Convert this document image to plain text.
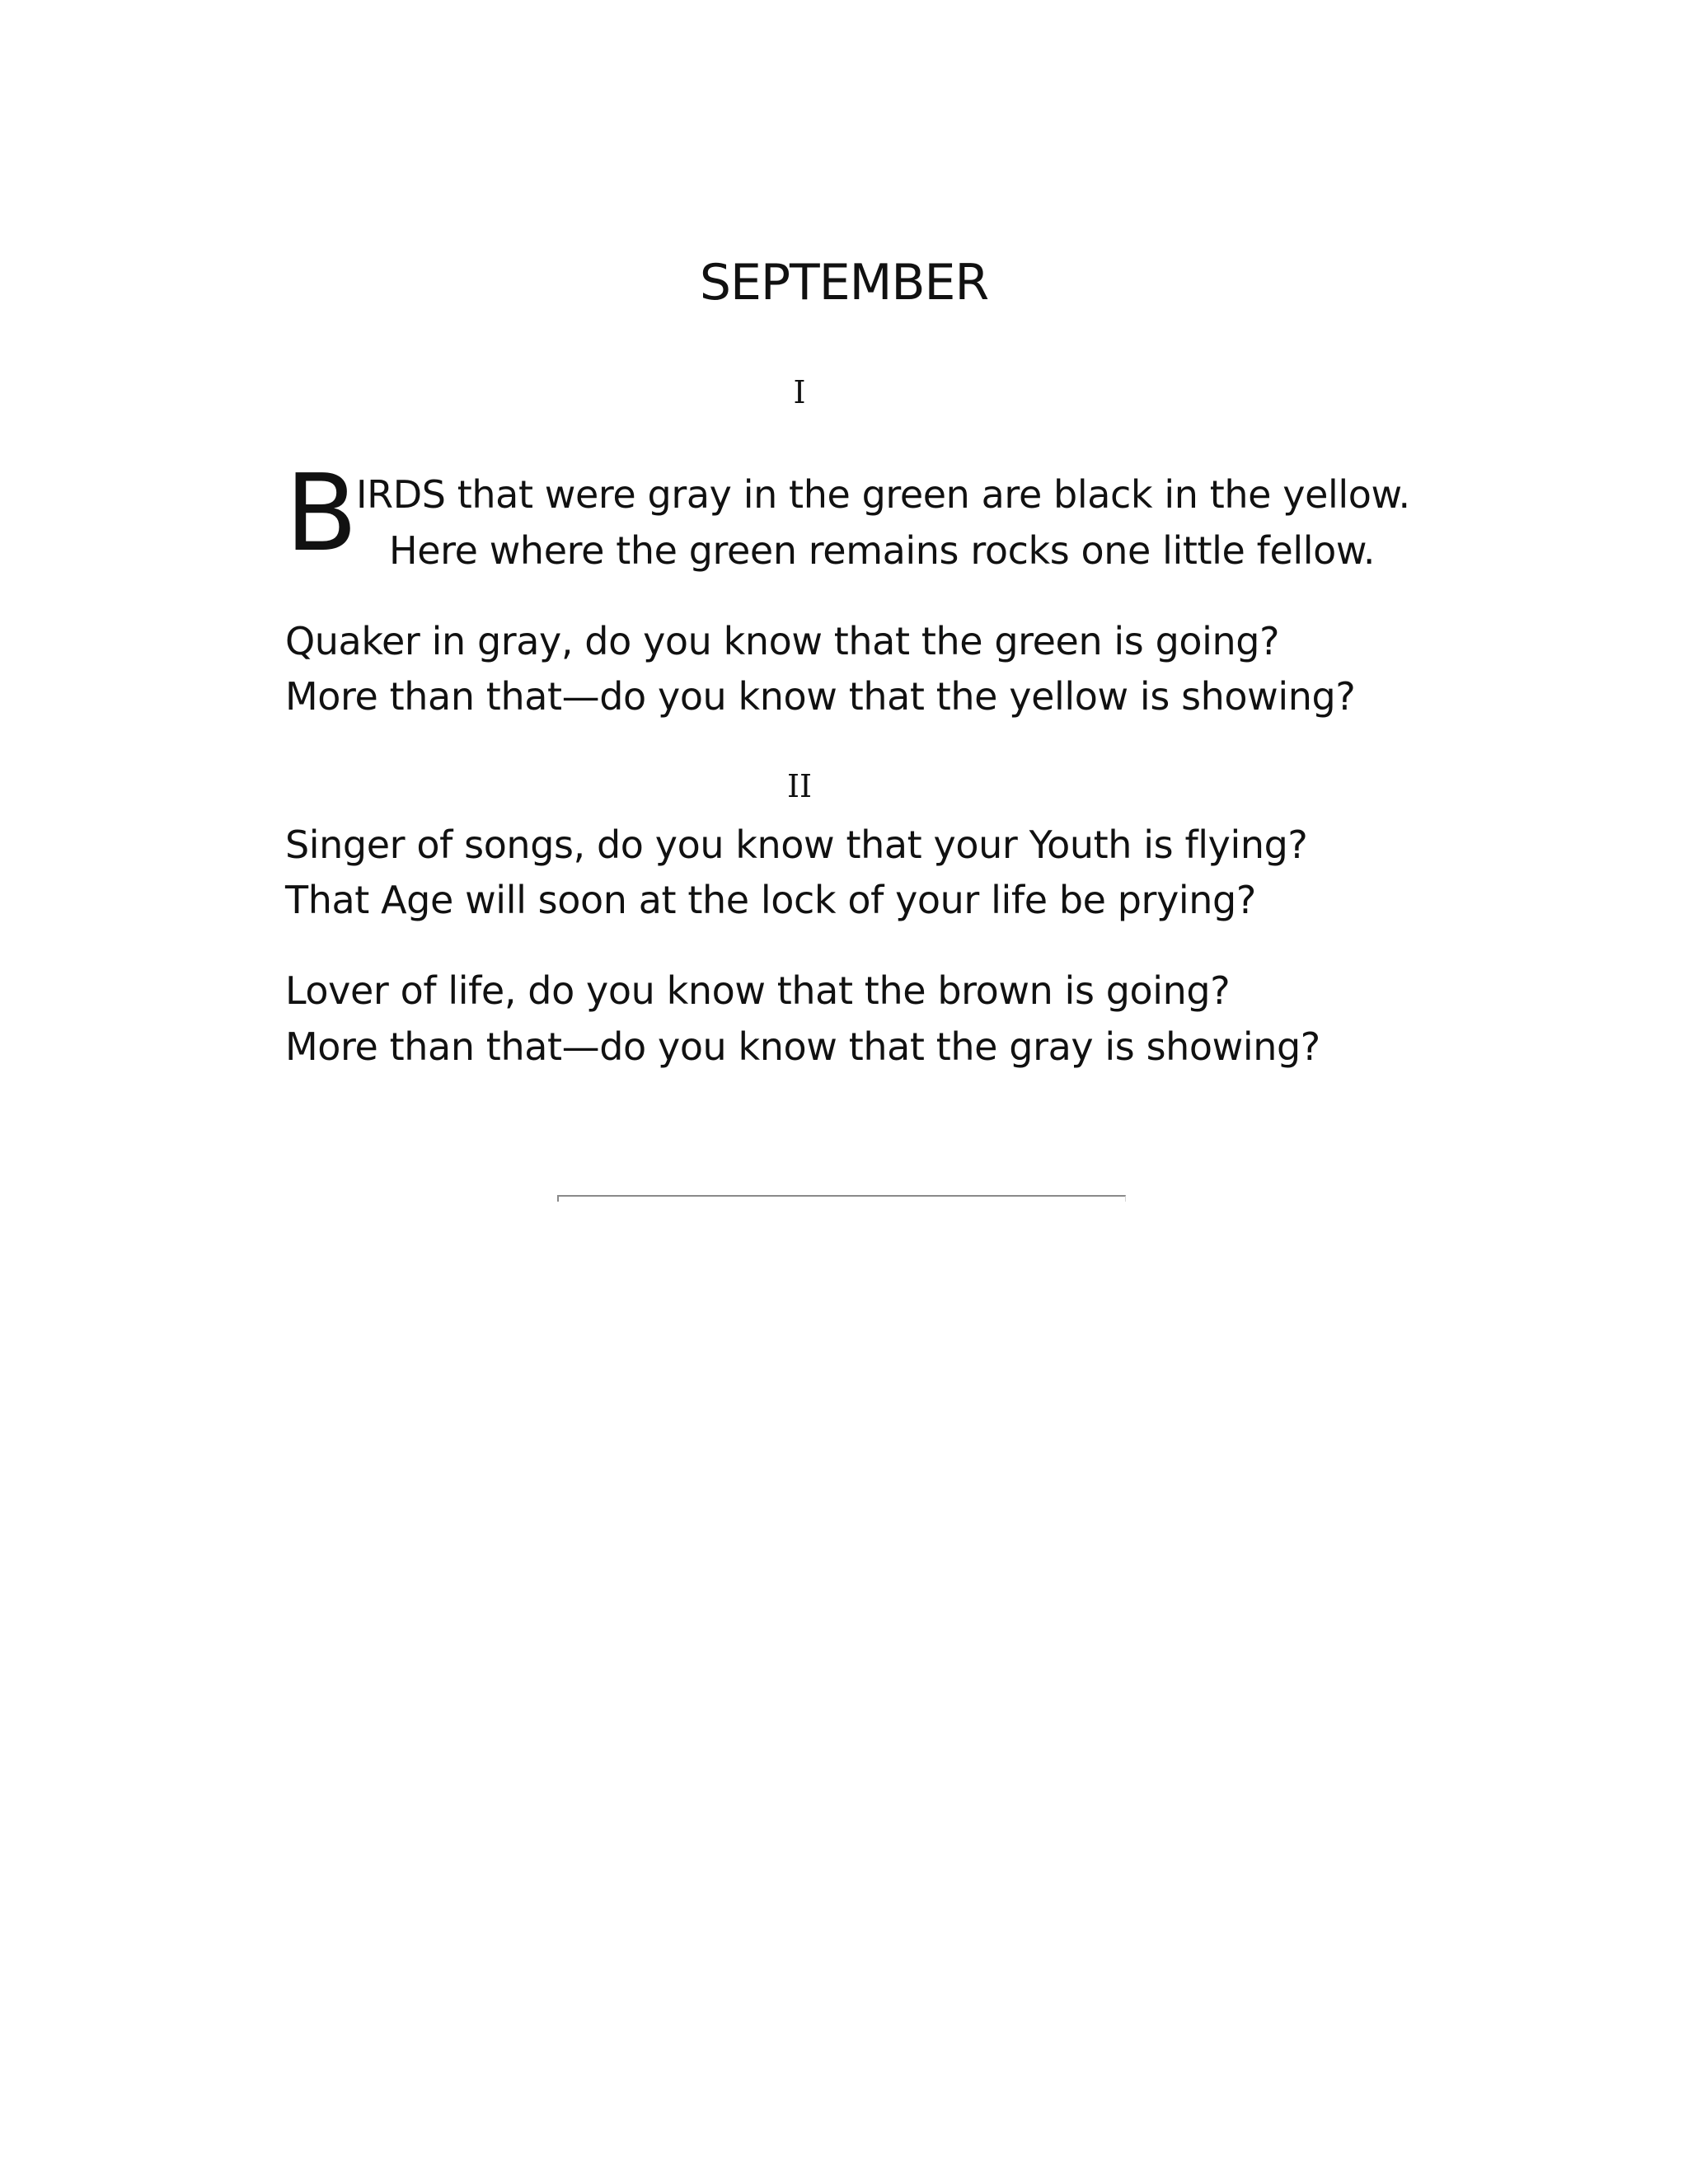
SEPTEMBER
I
B
IRDS that were gray in the green are black in the yellow.
Here where the green remains rocks one little fellow.
Quaker in gray, do you know that the green is going?
More than that—do you know that the yellow is showing?
II
Singer of songs, do you know that your Youth is flying?
That Age will soon at the lock of your life be prying?
Lover of life, do you know that the brown is going?
More than that—do you know that the gray is showing?
